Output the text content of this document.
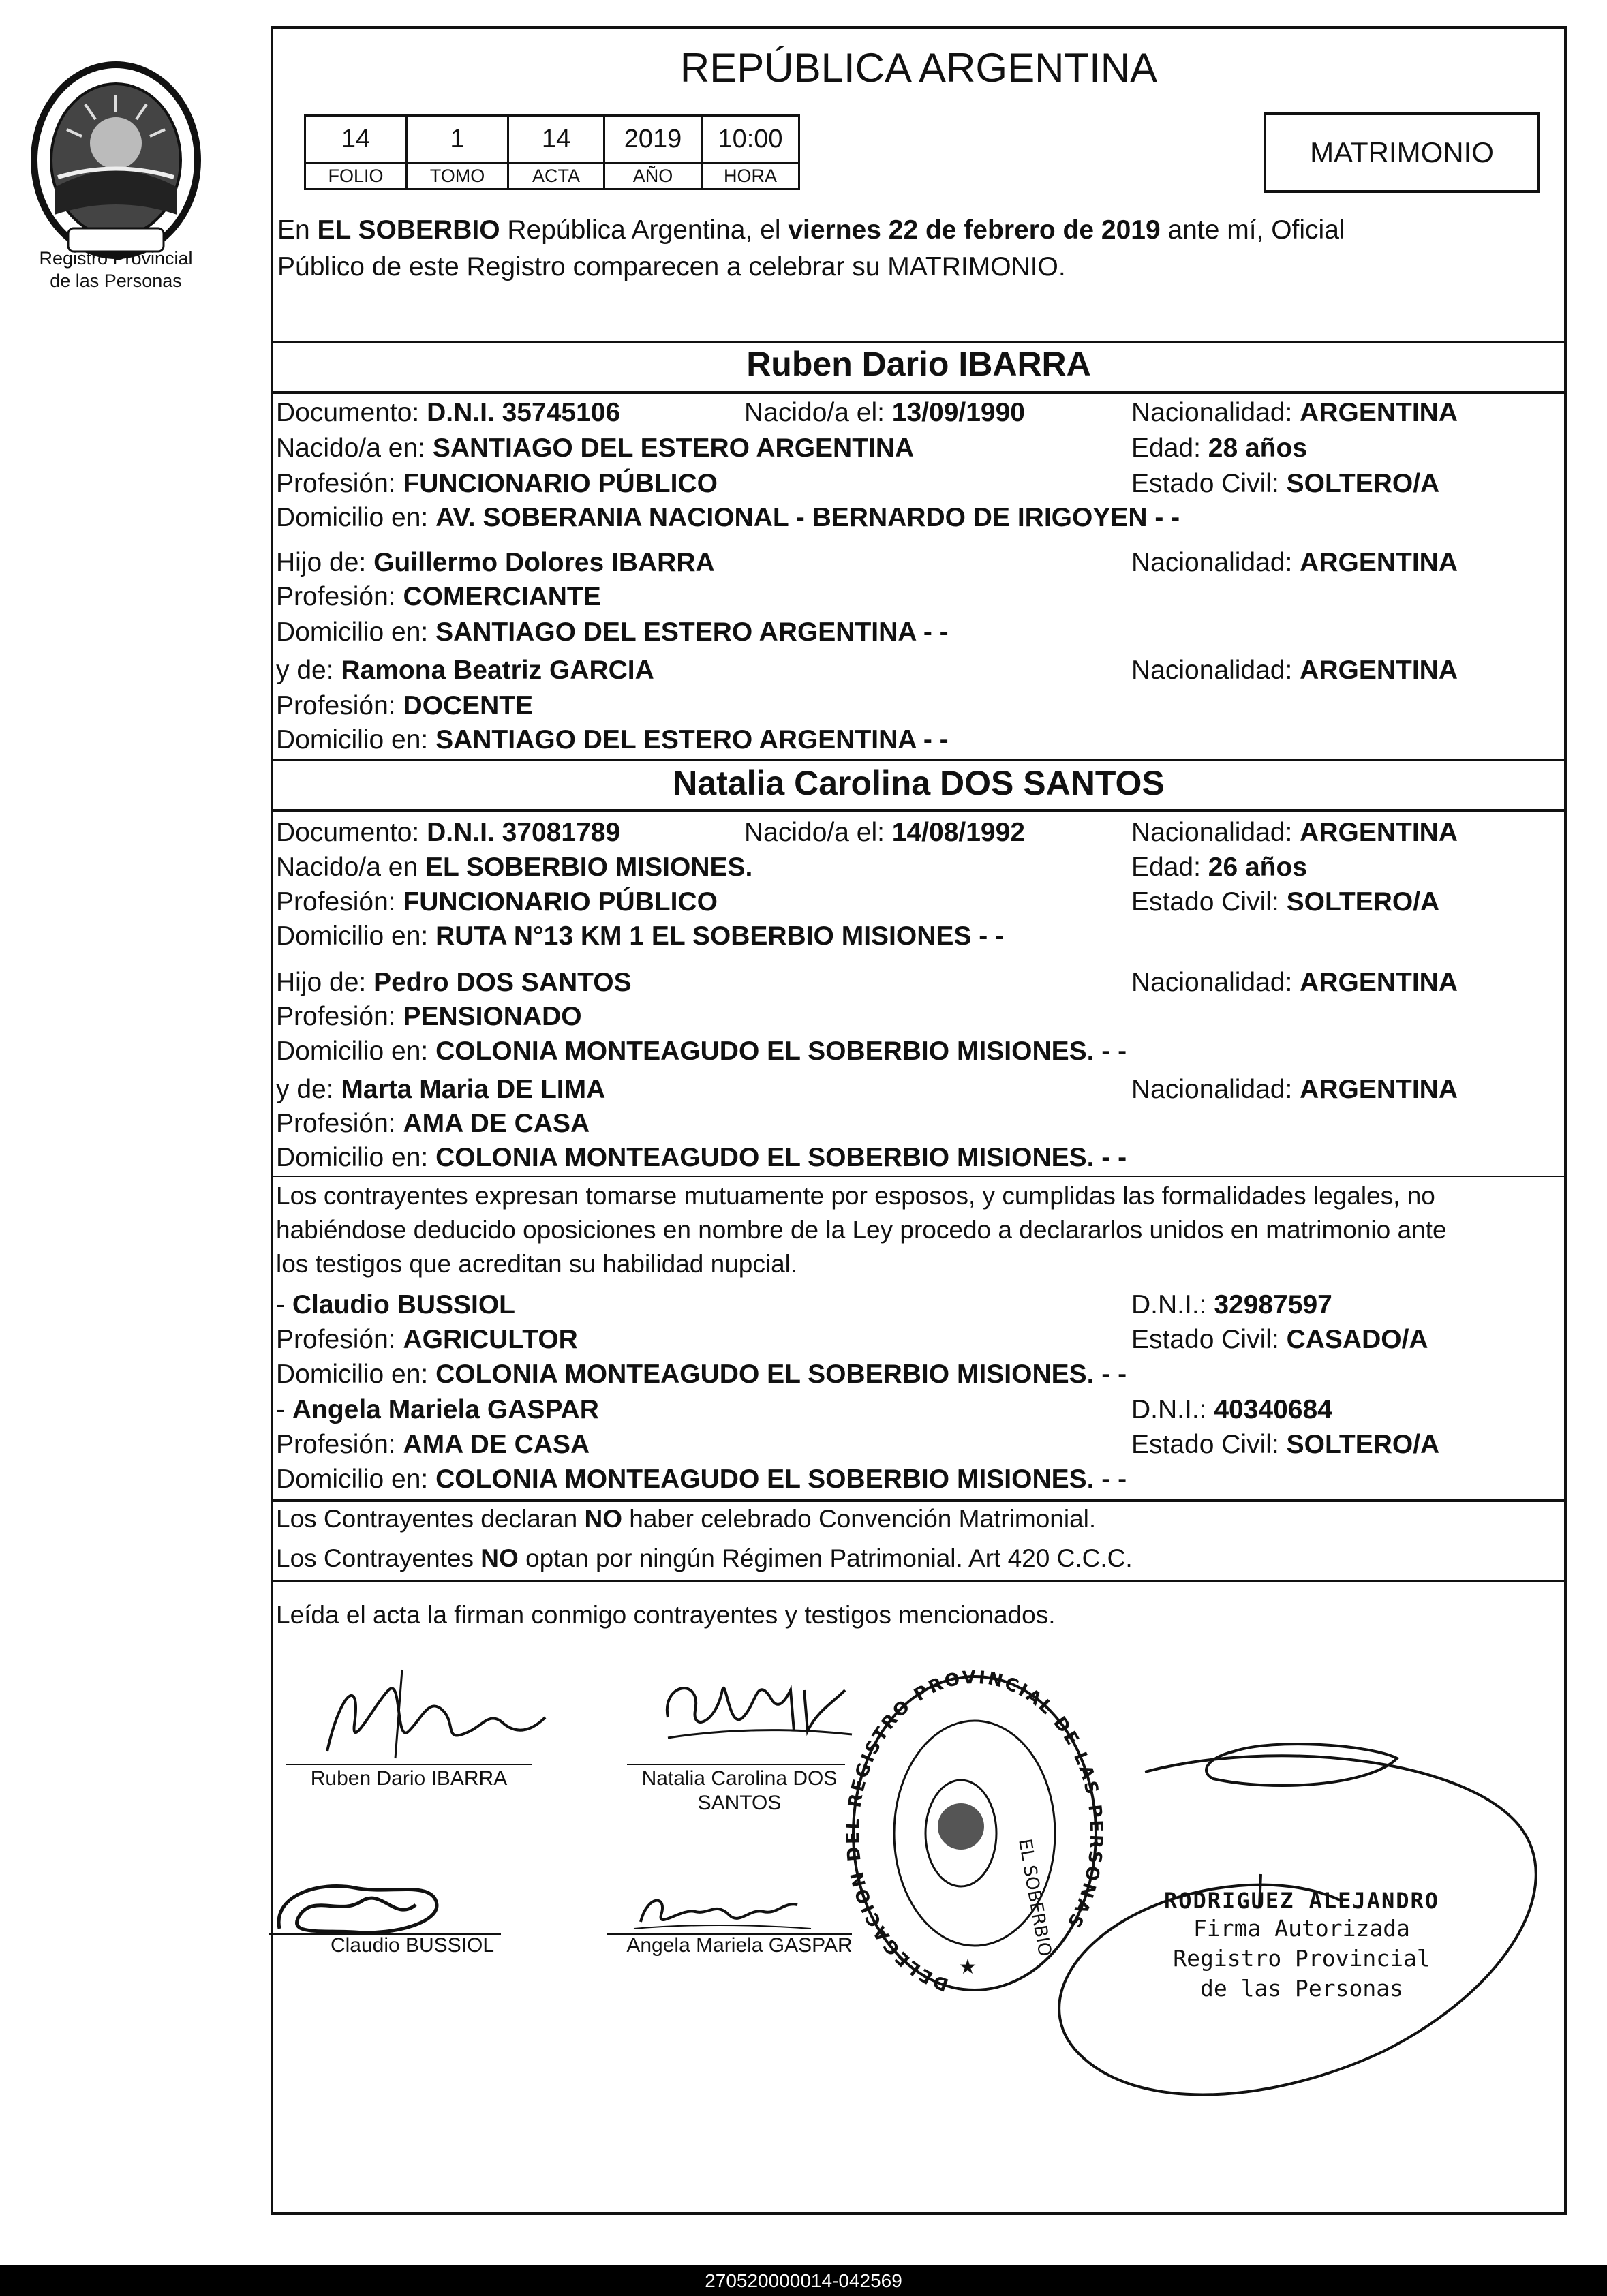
Registro Provincial
de las Personas
REPÚBLICA ARGENTINA
14	1	14	2019	10:00
FOLIO	TOMO	ACTA	AÑO	HORA
MATRIMONIO
En EL SOBERBIO República Argentina, el viernes 22 de febrero de 2019 ante mí, Oficial
Público de este Registro comparecen a celebrar su MATRIMONIO.
Ruben Dario IBARRA
Documento: D.N.I. 35745106	Nacido/a el: 13/09/1990	Nacionalidad: ARGENTINA
Nacido/a en: SANTIAGO DEL ESTERO ARGENTINA	Edad: 28 años
Profesión: FUNCIONARIO PÚBLICO	Estado Civil: SOLTERO/A
Domicilio en: AV. SOBERANIA NACIONAL - BERNARDO DE IRIGOYEN - -
Hijo de: Guillermo Dolores IBARRA	Nacionalidad: ARGENTINA
Profesión: COMERCIANTE
Domicilio en: SANTIAGO DEL ESTERO ARGENTINA - -
y de: Ramona Beatriz GARCIA	Nacionalidad: ARGENTINA
Profesión: DOCENTE
Domicilio en: SANTIAGO DEL ESTERO ARGENTINA - -
Natalia Carolina DOS SANTOS
Documento: D.N.I. 37081789	Nacido/a el: 14/08/1992	Nacionalidad: ARGENTINA
Nacido/a en EL SOBERBIO MISIONES.	Edad: 26 años
Profesión: FUNCIONARIO PÚBLICO	Estado Civil: SOLTERO/A
Domicilio en: RUTA N°13 KM 1 EL SOBERBIO MISIONES - -
Hijo de: Pedro DOS SANTOS	Nacionalidad: ARGENTINA
Profesión: PENSIONADO
Domicilio en: COLONIA MONTEAGUDO EL SOBERBIO MISIONES. - -
y de: Marta Maria DE LIMA	Nacionalidad: ARGENTINA
Profesión: AMA DE CASA
Domicilio en: COLONIA MONTEAGUDO EL SOBERBIO MISIONES. - -
Los contrayentes expresan tomarse mutuamente por esposos, y cumplidas las formalidades legales, no
habiéndose deducido oposiciones en nombre de la Ley procedo a declararlos unidos en matrimonio ante
los testigos que acreditan su habilidad nupcial.
- Claudio BUSSIOL	D.N.I.: 32987597
Profesión: AGRICULTOR	Estado Civil: CASADO/A
Domicilio en: COLONIA MONTEAGUDO EL SOBERBIO MISIONES. - -
- Angela Mariela GASPAR	D.N.I.: 40340684
Profesión: AMA DE CASA	Estado Civil: SOLTERO/A
Domicilio en: COLONIA MONTEAGUDO EL SOBERBIO MISIONES. - -
Los Contrayentes declaran NO haber celebrado Convención Matrimonial.
Los Contrayentes NO optan por ningún Régimen Patrimonial. Art 420 C.C.C.
Leída el acta la firman conmigo contrayentes y testigos mencionados.
Ruben Dario IBARRA	Natalia Carolina DOS
SANTOS
Claudio BUSSIOL	Angela Mariela GASPAR
DELEGACION D L REGISTRO PROVINCIAL DE LAS P SONAS
EL SOBERBIO
★
RODRIGUEZ ALEJANDRO
Firma Autorizada
Registro Provincial
de las Personas
270520000014-042569
